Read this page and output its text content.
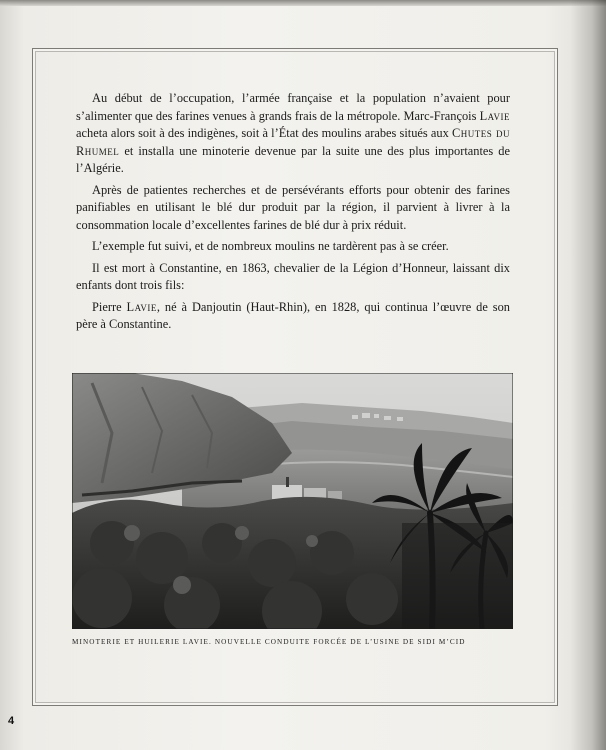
Au début de l’occupation, l’armée française et la population n’avaient pour s’alimenter que des farines venues à grands frais de la métropole. Marc-François Lavie acheta alors soit à des indigènes, soit à l’État des moulins arabes situés aux Chutes du Rhumel et installa une minoterie devenue par la suite une des plus importantes de l’Algérie.

Après de patientes recherches et de persévérants efforts pour obtenir des farines panifiables en utilisant le blé dur produit par la région, il parvient à livrer à la consommation locale d’excellentes farines de blé dur à prix réduit.

L’exemple fut suivi, et de nombreux moulins ne tardèrent pas à se créer.

Il est mort à Constantine, en 1863, chevalier de la Légion d’Honneur, laissant dix enfants dont trois fils:

Pierre Lavie, né à Danjoutin (Haut-Rhin), en 1828, qui continua l’œuvre de son père à Constantine.

MINOTERIE ET HUILERIE LAVIE. NOUVELLE CONDUITE FORCÉE DE L’USINE DE SIDI M’CID
4
